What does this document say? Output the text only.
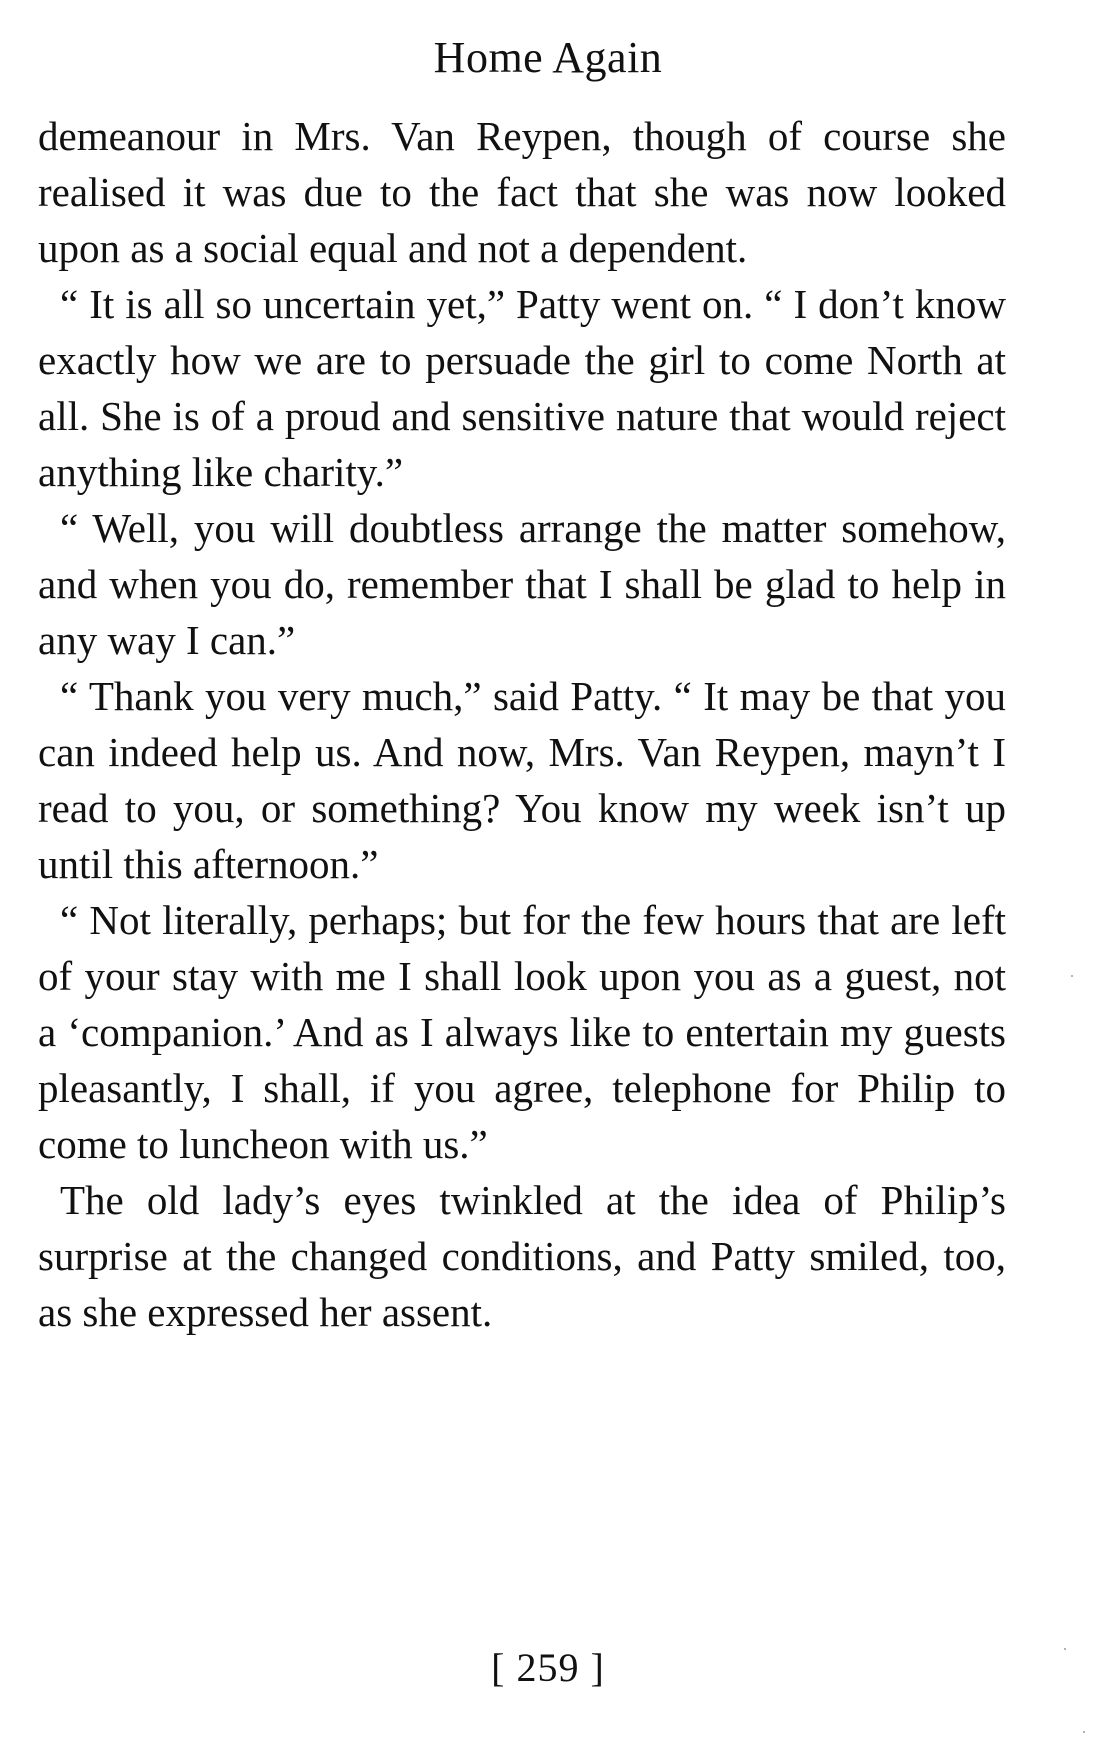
Home Again

demeanour in Mrs. Van Reypen, though of course she realised it was due to the fact that she was now looked upon as a social equal and not a dependent.

“ It is all so uncertain yet,” Patty went on. “ I don’t know exactly how we are to persuade the girl to come North at all. She is of a proud and sensitive nature that would reject anything like charity.”

“ Well, you will doubtless arrange the matter somehow, and when you do, remember that I shall be glad to help in any way I can.”

“ Thank you very much,” said Patty. “ It may be that you can indeed help us. And now, Mrs. Van Reypen, mayn’t I read to you, or something? You know my week isn’t up until this afternoon.”

“ Not literally, perhaps; but for the few hours that are left of your stay with me I shall look upon you as a guest, not a ‘companion.’ And as I always like to entertain my guests pleasantly, I shall, if you agree, telephone for Philip to come to luncheon with us.”

The old lady’s eyes twinkled at the idea of Philip’s surprise at the changed conditions, and Patty smiled, too, as she expressed her assent.

[ 259 ]
